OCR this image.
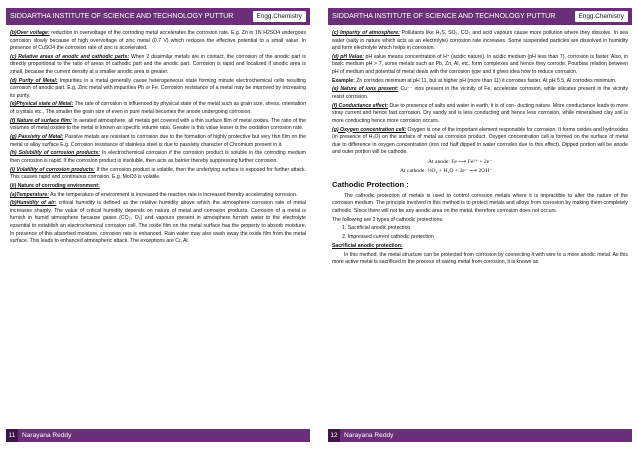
SIDDARTHA INSTITUTE OF SCIENCE AND TECHNOLOGY PUTTUR	Engg.Chemistry

(b)Over voltage: reduction in overvoltage of the corroding metal accelerates the corrosion rate. E.g. Zn in 1N H2SO4 undergoes corrosion slowly because of high overvoltage of zinc metal (0.7 V) which reduces the effective potential to a small value. In presence of CuSO4 the corrosion rate of zinc is accelerated.

(c) Relative areas of anodic and cathodic parts: When 2 dissimilar metals are in contact, the corrosion of the anodic part is directly proportional to the ratio of areas of cathodic part and the anodic part. Corrosion is rapid and localized if anodic area is small, because the current density at a smaller anodic area is greater.

(d) Purity of Metal: Impurities in a metal generally cause heterogeneous state forming minute electrochemical cells resulting corrosion of anodic part. E.g. Zinc metal with impurities Pb or Fe. Corrosion resistance of a metal may be improved by increasing its purity.

(e)Physical state of Metal: The rate of corrosion is influenced by physical state of the metal such as grain size, stress, orientation of crystals etc., The smaller the grain size of even in pure metal becomes the anode undergoing corrosion.

(f) Nature of surface film: In aerated atmosphere, all metals get covered with a thin surface film of metal oxides. The ratio of the volumes of metal oxides to the metal is known as specific volume ratio. Greater is this value lesser is the oxidation corrosion rate.

(g) Passivity of Metal: Passive metals are resistant to corrosion due to the formation of highly protective but very thin film on the metal or alloy surface E.g. Corrosion resistance of stainless steel is due to passivity character of Chromium present in it.

(h) Solubility of corrosion products: In electrochemical corrosion if the corrosion product is soluble in the corroding medium then corrosion is rapid. If the corrosion product is insoluble, then acts as barrier thereby suppressing further corrosion.

(i) Volatility of corrosion products: If the corrosion product is volatile, then the underlying surface is exposed for further attack. This causes rapid and continuous corrosion. E.g. MoO3 is volatile.

(ii) Nature of corroding environment:

(a)Temperature: As the temperature of environment is increased the reaction rate is increased thereby accelerating corrosion.

(b)Humidity of air: critical humidity is defined as the relative humidity above which the atmosphere corrosion rate of metal increases sharply. The value of critical humidity depends on nature of metal and corrosion products. Corrosion of a metal is furnish in humid atmosphere because gases (CO₂, O₂) and vapours present in atmosphere furnish water to the electrolyte essential to establish an electrochemical corrosion cell. The oxide film on the metal surface has the property to absorb moisture. In presence of this absorbed moisture, corrosion rate is enhanced. Rain water may also wash away the oxide film from the metal surface. This leads to enhanced atmospheric attack. The exceptions are Cr, Al.

11	Narayana Reddy
SIDDARTHA INSTITUTE OF SCIENCE AND TECHNOLOGY PUTTUR	Engg.Chemistry

(c) Impurity of atmosphere: Pollutants like H₂S, SO₂, CO₂ and acid vapours cause more pollution where they dissolve. In sea water (salty in nature which acts as an electrolyte) corrosion rate increases. Some suspended particles are dissolved in humidity and form electrolyte which helps in corrosion.

(d) pH Value: pH value means concentration of H⁺ (acidic nature). In acidic medium (pH less than 7), corrosion is faster. Also, in basic medium pH > 7, some metals such as Pb, Zn, Al, etc. form complexes and hence they corrode. Pourbiax relation between pH of medium and potential of metal deals with the corrosion type and it gives idea how to reduce corrosion.

Example: Zn corrodes minimum at pH 11, but at higher pH (more than 11) it corrodes faster. At pH 5.5, Al corrodes minimum.

(e) Nature of ions present: Cu⁻⁻ ions present in the vicinity of Fe, accelerate corrosion, while silicates present in the vicinity resist corrosion.

(f) Conductance effect: Due to presence of salts and water in earth, it is of con- ducting nature. More conductance leads to more stray current and hence fast corrosion. Dry sandy soil is less conducting and hence less corrosion, while mineralised clay soil is more conducting hence more corrosion occurs.

(g) Oxygen concentration cell: Oxygen is one of the important element responsible for corrosion. It forms oxides and hydroxides (in presence of H₂O) on the surface of metal as corrosion product. Oxygen concentration cell is formed on the surface of metal due to difference in oxygen concentration (iron rod half dipped in water corrodes due to this effect). Dipped portion will be anode and outer portion will be cathode.

At anode: Fe ⟶ Fe²⁺ + 2e⁻
At cathode: ½O₂ + H₂O + 2e⁻ ⟶ 2OH⁻
Cathodic Protection :

The cathodic protection of metals is used to control corrosion metals where it is impractible to alter the nature of the corrosion medium. The principle involved in this method is to protect metals and alloys from corrosion by making them completely cathodic. Since there will not be any anodic area on the metal, therefore corrosion does not occurs.

The following are 2 types of cathodic protections.

1. Sacrificial anodic protection

2. Impressed current cathodic protection

Sacrificial anodic protection:

In this method, the metal structure can be protected from corrosion by connecting it with wire to a more anodic metal. As this more active metal is sacrificed in the process of saving metal from corrosion, it is known as

12 Narayana Reddy
